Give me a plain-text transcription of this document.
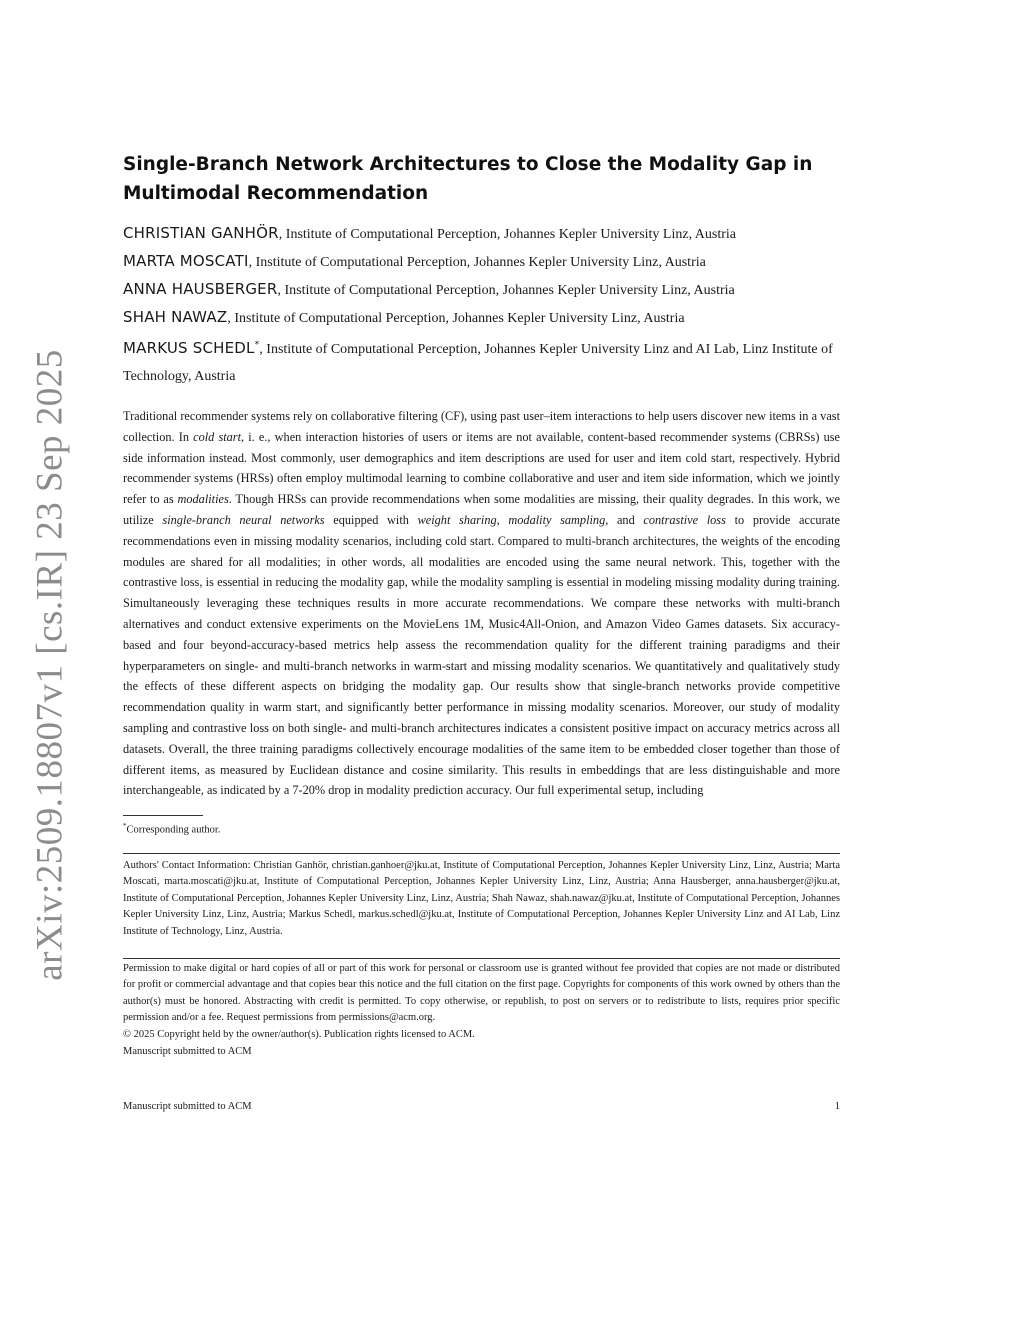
arXiv:2509.18807v1 [cs.IR] 23 Sep 2025
Single-Branch Network Architectures to Close the Modality Gap in Multimodal Recommendation

CHRISTIAN GANHÖR, Institute of Computational Perception, Johannes Kepler University Linz, Austria

MARTA MOSCATI, Institute of Computational Perception, Johannes Kepler University Linz, Austria

ANNA HAUSBERGER, Institute of Computational Perception, Johannes Kepler University Linz, Austria

SHAH NAWAZ, Institute of Computational Perception, Johannes Kepler University Linz, Austria

MARKUS SCHEDL*, Institute of Computational Perception, Johannes Kepler University Linz and AI Lab, Linz Institute of Technology, Austria

Traditional recommender systems rely on collaborative filtering (CF), using past user–item interactions to help users discover new items in a vast collection. In cold start, i. e., when interaction histories of users or items are not available, content-based recommender systems (CBRSs) use side information instead. Most commonly, user demographics and item descriptions are used for user and item cold start, respectively. Hybrid recommender systems (HRSs) often employ multimodal learning to combine collaborative and user and item side information, which we jointly refer to as modalities. Though HRSs can provide recommendations when some modalities are missing, their quality degrades. In this work, we utilize single-branch neural networks equipped with weight sharing, modality sampling, and contrastive loss to provide accurate recommendations even in missing modality scenarios, including cold start. Compared to multi-branch architectures, the weights of the encoding modules are shared for all modalities; in other words, all modalities are encoded using the same neural network. This, together with the contrastive loss, is essential in reducing the modality gap, while the modality sampling is essential in modeling missing modality during training. Simultaneously leveraging these techniques results in more accurate recommendations. We compare these networks with multi-branch alternatives and conduct extensive experiments on the MovieLens 1M, Music4All-Onion, and Amazon Video Games datasets. Six accuracy-based and four beyond-accuracy-based metrics help assess the recommendation quality for the different training paradigms and their hyperparameters on single- and multi-branch networks in warm-start and missing modality scenarios. We quantitatively and qualitatively study the effects of these different aspects on bridging the modality gap. Our results show that single-branch networks provide competitive recommendation quality in warm start, and significantly better performance in missing modality scenarios. Moreover, our study of modality sampling and contrastive loss on both single- and multi-branch architectures indicates a consistent positive impact on accuracy metrics across all datasets. Overall, the three training paradigms collectively encourage modalities of the same item to be embedded closer together than those of different items, as measured by Euclidean distance and cosine similarity. This results in embeddings that are less distinguishable and more interchangeable, as indicated by a 7-20% drop in modality prediction accuracy. Our full experimental setup, including

*Corresponding author.

Authors' Contact Information: Christian Ganhör, christian.ganhoer@jku.at, Institute of Computational Perception, Johannes Kepler University Linz, Linz, Austria; Marta Moscati, marta.moscati@jku.at, Institute of Computational Perception, Johannes Kepler University Linz, Linz, Austria; Anna Hausberger, anna.hausberger@jku.at, Institute of Computational Perception, Johannes Kepler University Linz, Linz, Austria; Shah Nawaz, shah.nawaz@jku.at, Institute of Computational Perception, Johannes Kepler University Linz, Linz, Austria; Markus Schedl, markus.schedl@jku.at, Institute of Computational Perception, Johannes Kepler University Linz and AI Lab, Linz Institute of Technology, Linz, Austria.

Permission to make digital or hard copies of all or part of this work for personal or classroom use is granted without fee provided that copies are not made or distributed for profit or commercial advantage and that copies bear this notice and the full citation on the first page. Copyrights for components of this work owned by others than the author(s) must be honored. Abstracting with credit is permitted. To copy otherwise, or republish, to post on servers or to redistribute to lists, requires prior specific permission and/or a fee. Request permissions from permissions@acm.org.

© 2025 Copyright held by the owner/author(s). Publication rights licensed to ACM.

Manuscript submitted to ACM

Manuscript submitted to ACM	1
